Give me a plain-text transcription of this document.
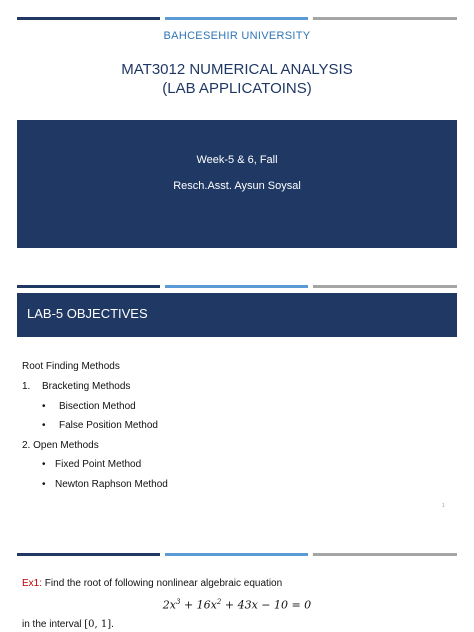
BAHCESEHIR UNIVERSITY
MAT3012 NUMERICAL ANALYSIS
(LAB APPLICATOINS)
Week-5 & 6, Fall
Resch.Asst. Aysun Soysal
LAB-5 OBJECTIVES
Root Finding Methods
1. Bracketing Methods
• Bisection Method
• False Position Method
2. Open Methods
• Fixed Point Method
• Newton Raphson Method
1
Ex1: Find the root of following nonlinear algebraic equation
$2x^3 + 16x^2 + 43x - 10 = 0$
in the interval [0, 1].
